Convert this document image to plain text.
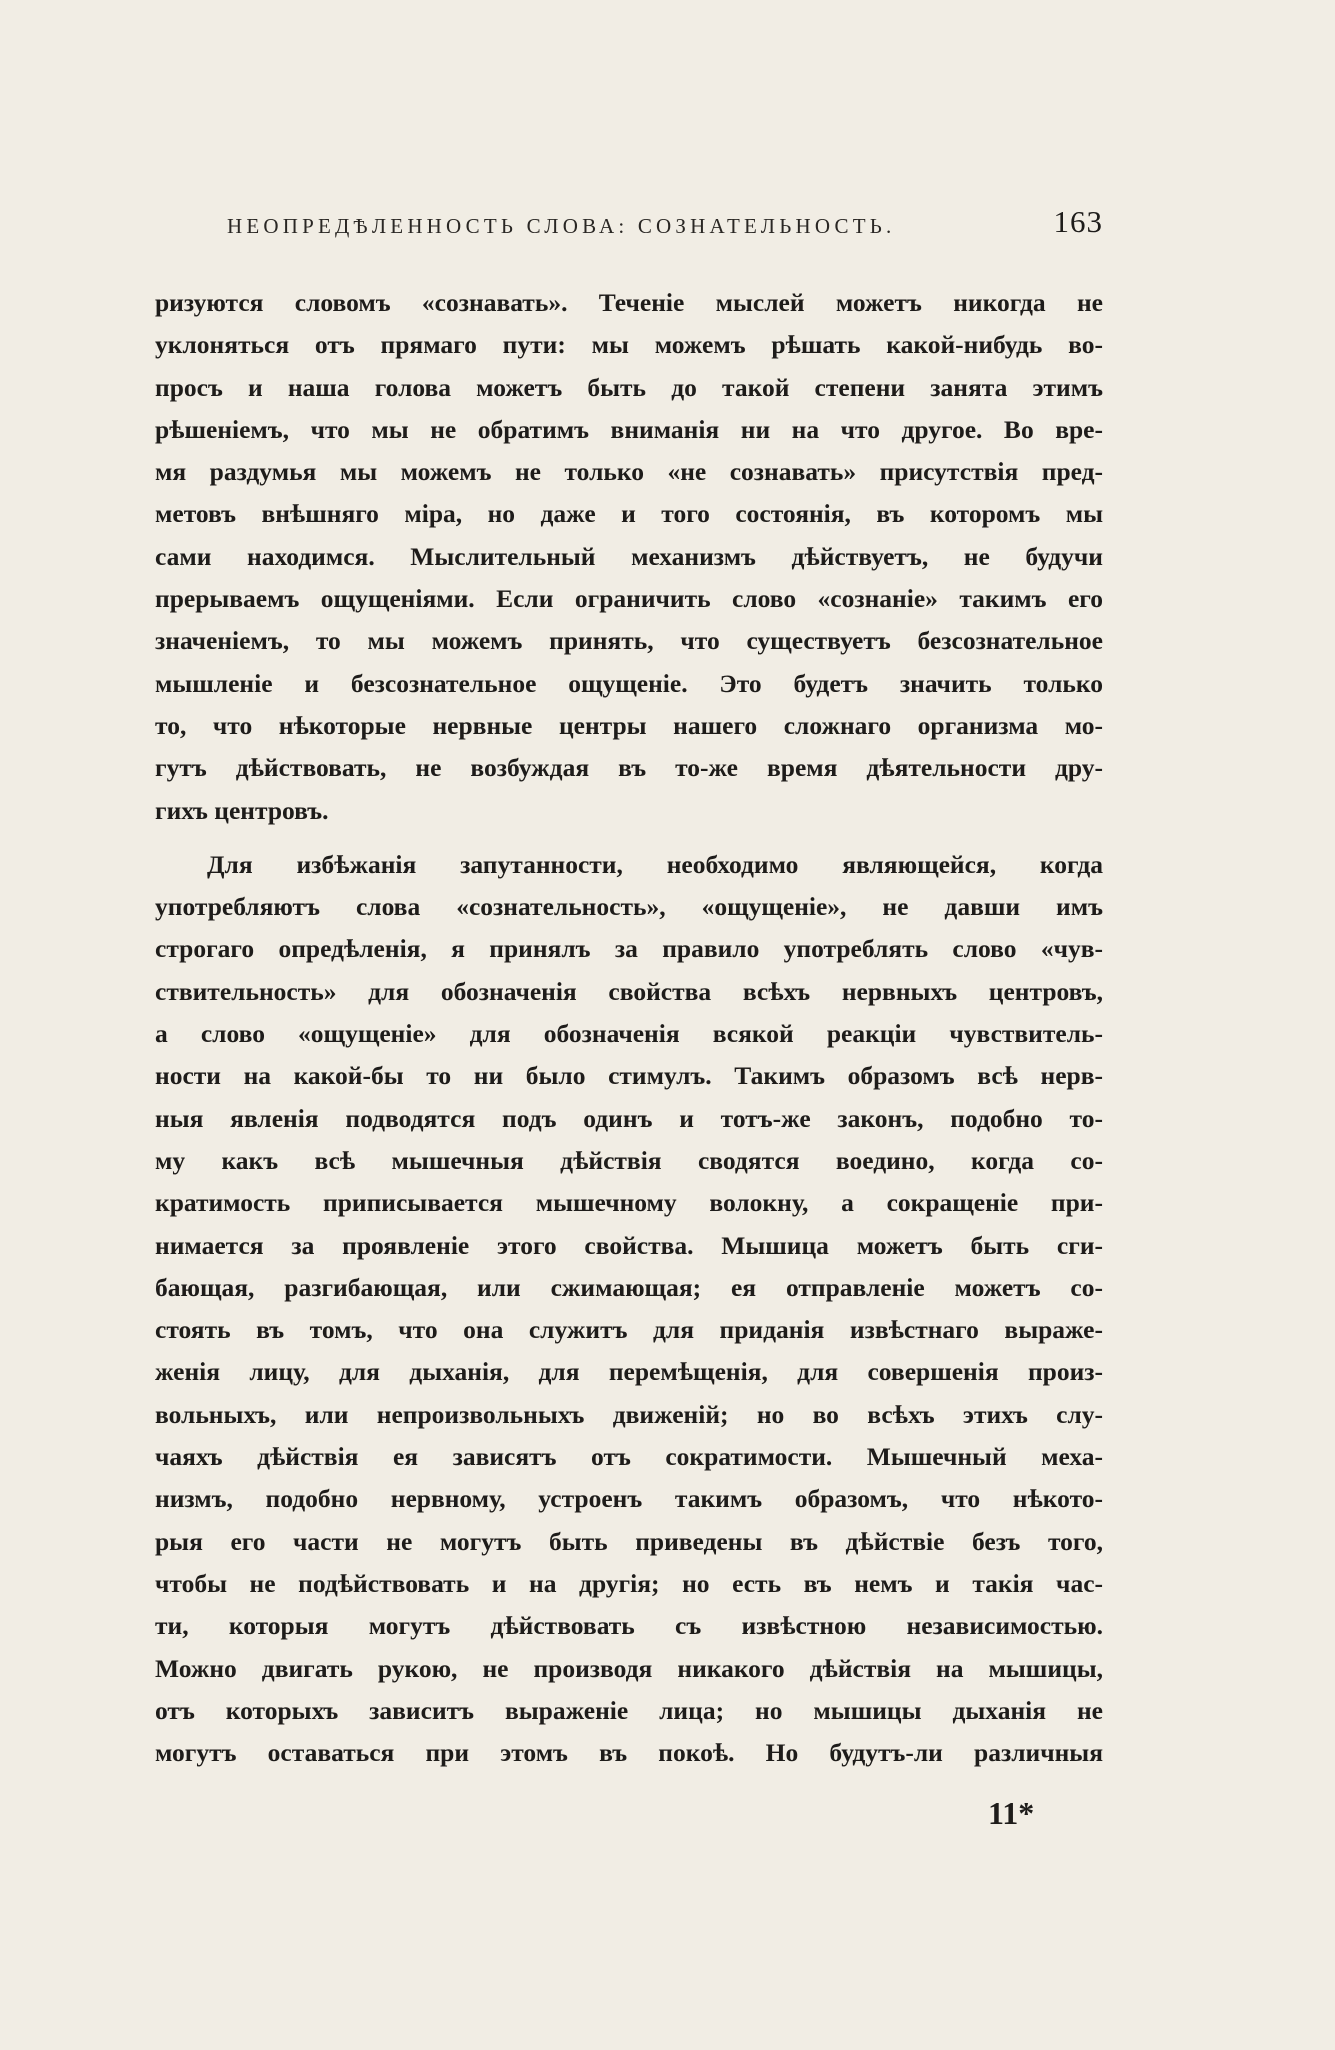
НЕОПРЕДѢЛЕННОСТЬ СЛОВА: СОЗНАТЕЛЬНОСТЬ.	163
ризуются словомъ «сознавать». Теченіе мыслей можетъ никогда не
уклоняться отъ прямаго пути: мы можемъ рѣшать какой-нибудь во-
просъ и наша голова можетъ быть до такой степени занята этимъ
рѣшеніемъ, что мы не обратимъ вниманія ни на что другое. Во вре-
мя раздумья мы можемъ не только «не сознавать» присутствія пред-
метовъ внѣшняго міра, но даже и того состоянія, въ которомъ мы
сами находимся. Мыслительный механизмъ дѣйствуетъ, не будучи
прерываемъ ощущеніями. Если ограничить слово «сознаніе» такимъ его
значеніемъ, то мы можемъ принять, что существуетъ безсознательное
мышленіе и безсознательное ощущеніе. Это будетъ значить только
то, что нѣкоторые нервные центры нашего сложнаго организма мо-
гутъ дѣйствовать, не возбуждая въ то-же время дѣятельности дру-
гихъ центровъ.
Для избѣжанія запутанности, необходимо являющейся, когда
употребляютъ слова «сознательность», «ощущеніе», не давши имъ
строгаго опредѣленія, я принялъ за правило употреблять слово «чув-
ствительность» для обозначенія свойства всѣхъ нервныхъ центровъ,
а слово «ощущеніе» для обозначенія всякой реакціи чувствитель-
ности на какой-бы то ни было стимулъ. Такимъ образомъ всѣ нерв-
ныя явленія подводятся подъ одинъ и тотъ-же законъ, подобно то-
му какъ всѣ мышечныя дѣйствія сводятся воедино, когда со-
кратимость приписывается мышечному волокну, а сокращеніе при-
нимается за проявленіе этого свойства. Мышица можетъ быть сги-
бающая, разгибающая, или сжимающая; ея отправленіе можетъ со-
стоять въ томъ, что она служитъ для приданія извѣстнаго выраже-
женія лицу, для дыханія, для перемѣщенія, для совершенія произ-
вольныхъ, или непроизвольныхъ движеній; но во всѣхъ этихъ слу-
чаяхъ дѣйствія ея зависятъ отъ сократимости. Мышечный меха-
низмъ, подобно нервному, устроенъ такимъ образомъ, что нѣкото-
рыя его части не могутъ быть приведены въ дѣйствіе безъ того,
чтобы не подѣйствовать и на другія; но есть въ немъ и такія час-
ти, которыя могутъ дѣйствовать съ извѣстною независимостью.
Можно двигать рукою, не производя никакого дѣйствія на мышицы,
отъ которыхъ зависитъ выраженіе лица; но мышицы дыханія не
могутъ оставаться при этомъ въ покоѣ. Но будутъ-ли различныя
11*
